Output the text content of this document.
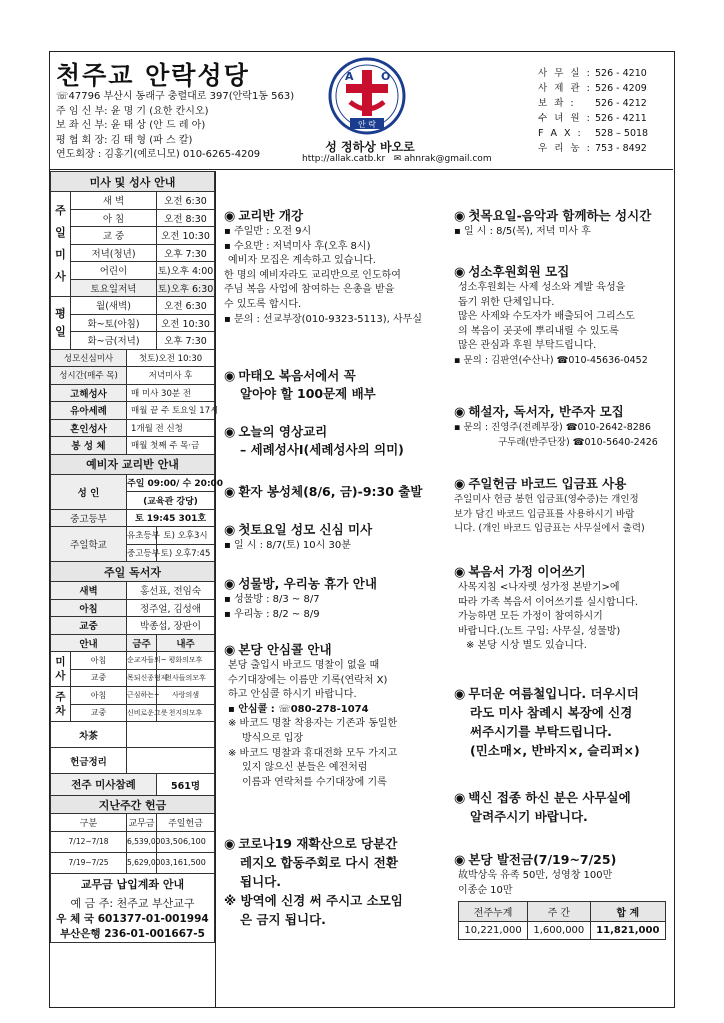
천주교 안락성당
☏47796 부산시 동래구 충렬대로 397(안락1동 563)
주 임 신 부: 윤 명 기 (요한 칸시오)
보 좌 신 부: 윤 태 상 (안 드 레 아)
평 협 회 장: 김 태 형 (파 스 칼)
연도회장 : 김홍기(예로니모) 010-6265-4209
A O
안 락
성 정하상 바오로
http://allak.catb.kr ✉ ahnrak@gmail.com
사 무 실 : 526 - 4210
사 제 관 : 526 - 4209
보 좌 : 526 - 4212
수 녀 원 : 526 - 4211
F A X : 528 – 5018
우 리 농 : 753 - 8492
미사 및 성사 안내			
주일미사	새 벽		오전 6:30
	아 침		오전 8:30
	교 중		오전 10:30
	저녁(청년)		오후 7:30
	어린이		토)오후 4:00
	토요일저녁		토)오후 6:30
평일	월(새벽)		오전 6:30
	화~토(아침)		오전 10:30
	화~금(저녁)		오후 7:30
성모신심미사		첫토)오전 10:30	
성시간(매주 목)		저녁미사 후	
고해성사		매 미사 30분 전	
유아세례		매월 끝 주 토요일 17시	
혼인성사		1개월 전 신청	
봉 성 체		매월 첫째 주 목·금	
예비자 교리반 안내			
성 인		주일 09:00/ 수 20:00	
		(교육관 강당)	
중고등부		토 19:45 301호	
주일학교		유초등부	토) 오후3시
		중고등부	토) 오후7:45
주일 독서자			
새벽		홍선표, 전임숙	
아침		정주얼, 김성애	
교중		박종섭, 장판이	
안내		금주	내주
미사	아침	순교자들의~	평화의모후
	교중	목되신종형제	천사들의모후
주차	아침	근심하는~	사랑의샘
	교중	신비로운그릇	천지의모후
차茶			
헌금정리			
전주 미사참례			561명
지난주간 헌금			
구분		교무금	주일헌금
7/12~7/18		6,539,000	3,506,100
7/19~7/25		5,629,000	3,161,500
교무금 납입계좌 안내			
예 금 주: 천주교 부산교구			
우 체 국 601377-01-001994			
부산은행 236-01-001667-5			
◉ 교리반 개강
▪ 주일반 : 오전 9시
▪ 수요반 : 저녁미사 후(오후 8시)
예비자 모집은 계속하고 있습니다.
한 명의 예비자라도 교리반으로 인도하여
주님 복음 사업에 참여하는 은총을 받을
수 있도록 합시다.
▪ 문의 : 선교부장(010-9323-5113), 사무실
◉ 마태오 복음서에서 꼭
알아야 할 100문제 배부
◉ 오늘의 영상교리
– 세례성사Ⅰ(세례성사의 의미)
◉ 환자 봉성체(8/6, 금)-9:30 출발
◉ 첫토요일 성모 신심 미사
▪ 일 시 : 8/7(토) 10시 30분
◉ 성물방, 우리농 휴가 안내
▪ 성물방 : 8/3 ~ 8/7
▪ 우리농 : 8/2 ~ 8/9
◉ 본당 안심콜 안내
본당 출입시 바코드 명찰이 없을 때
수기대장에는 이름만 기록(연락처 X)
하고 안심콜 하시기 바랍니다.
▪ 안심콜 : ☏080-278-1074
※ 바코드 명찰 착용자는 기존과 동일한
방식으로 입장
※ 바코드 명찰과 휴대전화 모두 가지고
있지 않으신 분들은 예전처럼
이름과 연락처를 수기대장에 기록
◉ 코로나19 재확산으로 당분간
레지오 합동주회로 다시 전환
됩니다.
※ 방역에 신경 써 주시고 소모임
은 금지 됩니다.
◉ 첫목요일-음악과 함께하는 성시간
▪ 일 시 : 8/5(목), 저녁 미사 후
◉ 성소후원회원 모집
성소후원회는 사제 성소와 계발 육성을
돕기 위한 단체입니다.
많은 사제와 수도자가 배출되어 그리스도
의 복음이 곳곳에 뿌리내릴 수 있도록
많은 관심과 후원 부탁드립니다.
▪ 문의 : 김판연(수산나) ☎010-45636-0452
◉ 해설자, 독서자, 반주자 모집
▪ 문의 : 진영주(전례부장) ☎010-2642-8286
구두래(반주단장) ☎010-5640-2426
◉ 주일헌금 바코드 입금표 사용
주일미사 헌금 봉헌 입금표(영수증)는 개인정
보가 담긴 바코드 입금표를 사용하시기 바랍
니다. (개인 바코드 입금표는 사무실에서 출력)
◉ 복음서 가정 이어쓰기
사목지침 <나자렛 성가정 본받기>에
따라 가족 복음서 이어쓰기를 실시합니다.
가능하면 모든 가정이 참여하시기
바랍니다.(노트 구입: 사무실, 성물방)
※ 본당 시상 별도 있습니다.
◉ 무더운 여름철입니다. 더우시더
라도 미사 참례시 복장에 신경
써주시기를 부탁드립니다.
(민소매×, 반바지×, 슬리퍼×)
◉ 백신 접종 하신 분은 사무실에
알려주시기 바랍니다.
◉ 본당 발전금(7/19~7/25)
故박상욱 유족 50만, 성영창 100만
이종순 10만
전주누계	주 간	합 계
10,221,000	1,600,000	11,821,000
